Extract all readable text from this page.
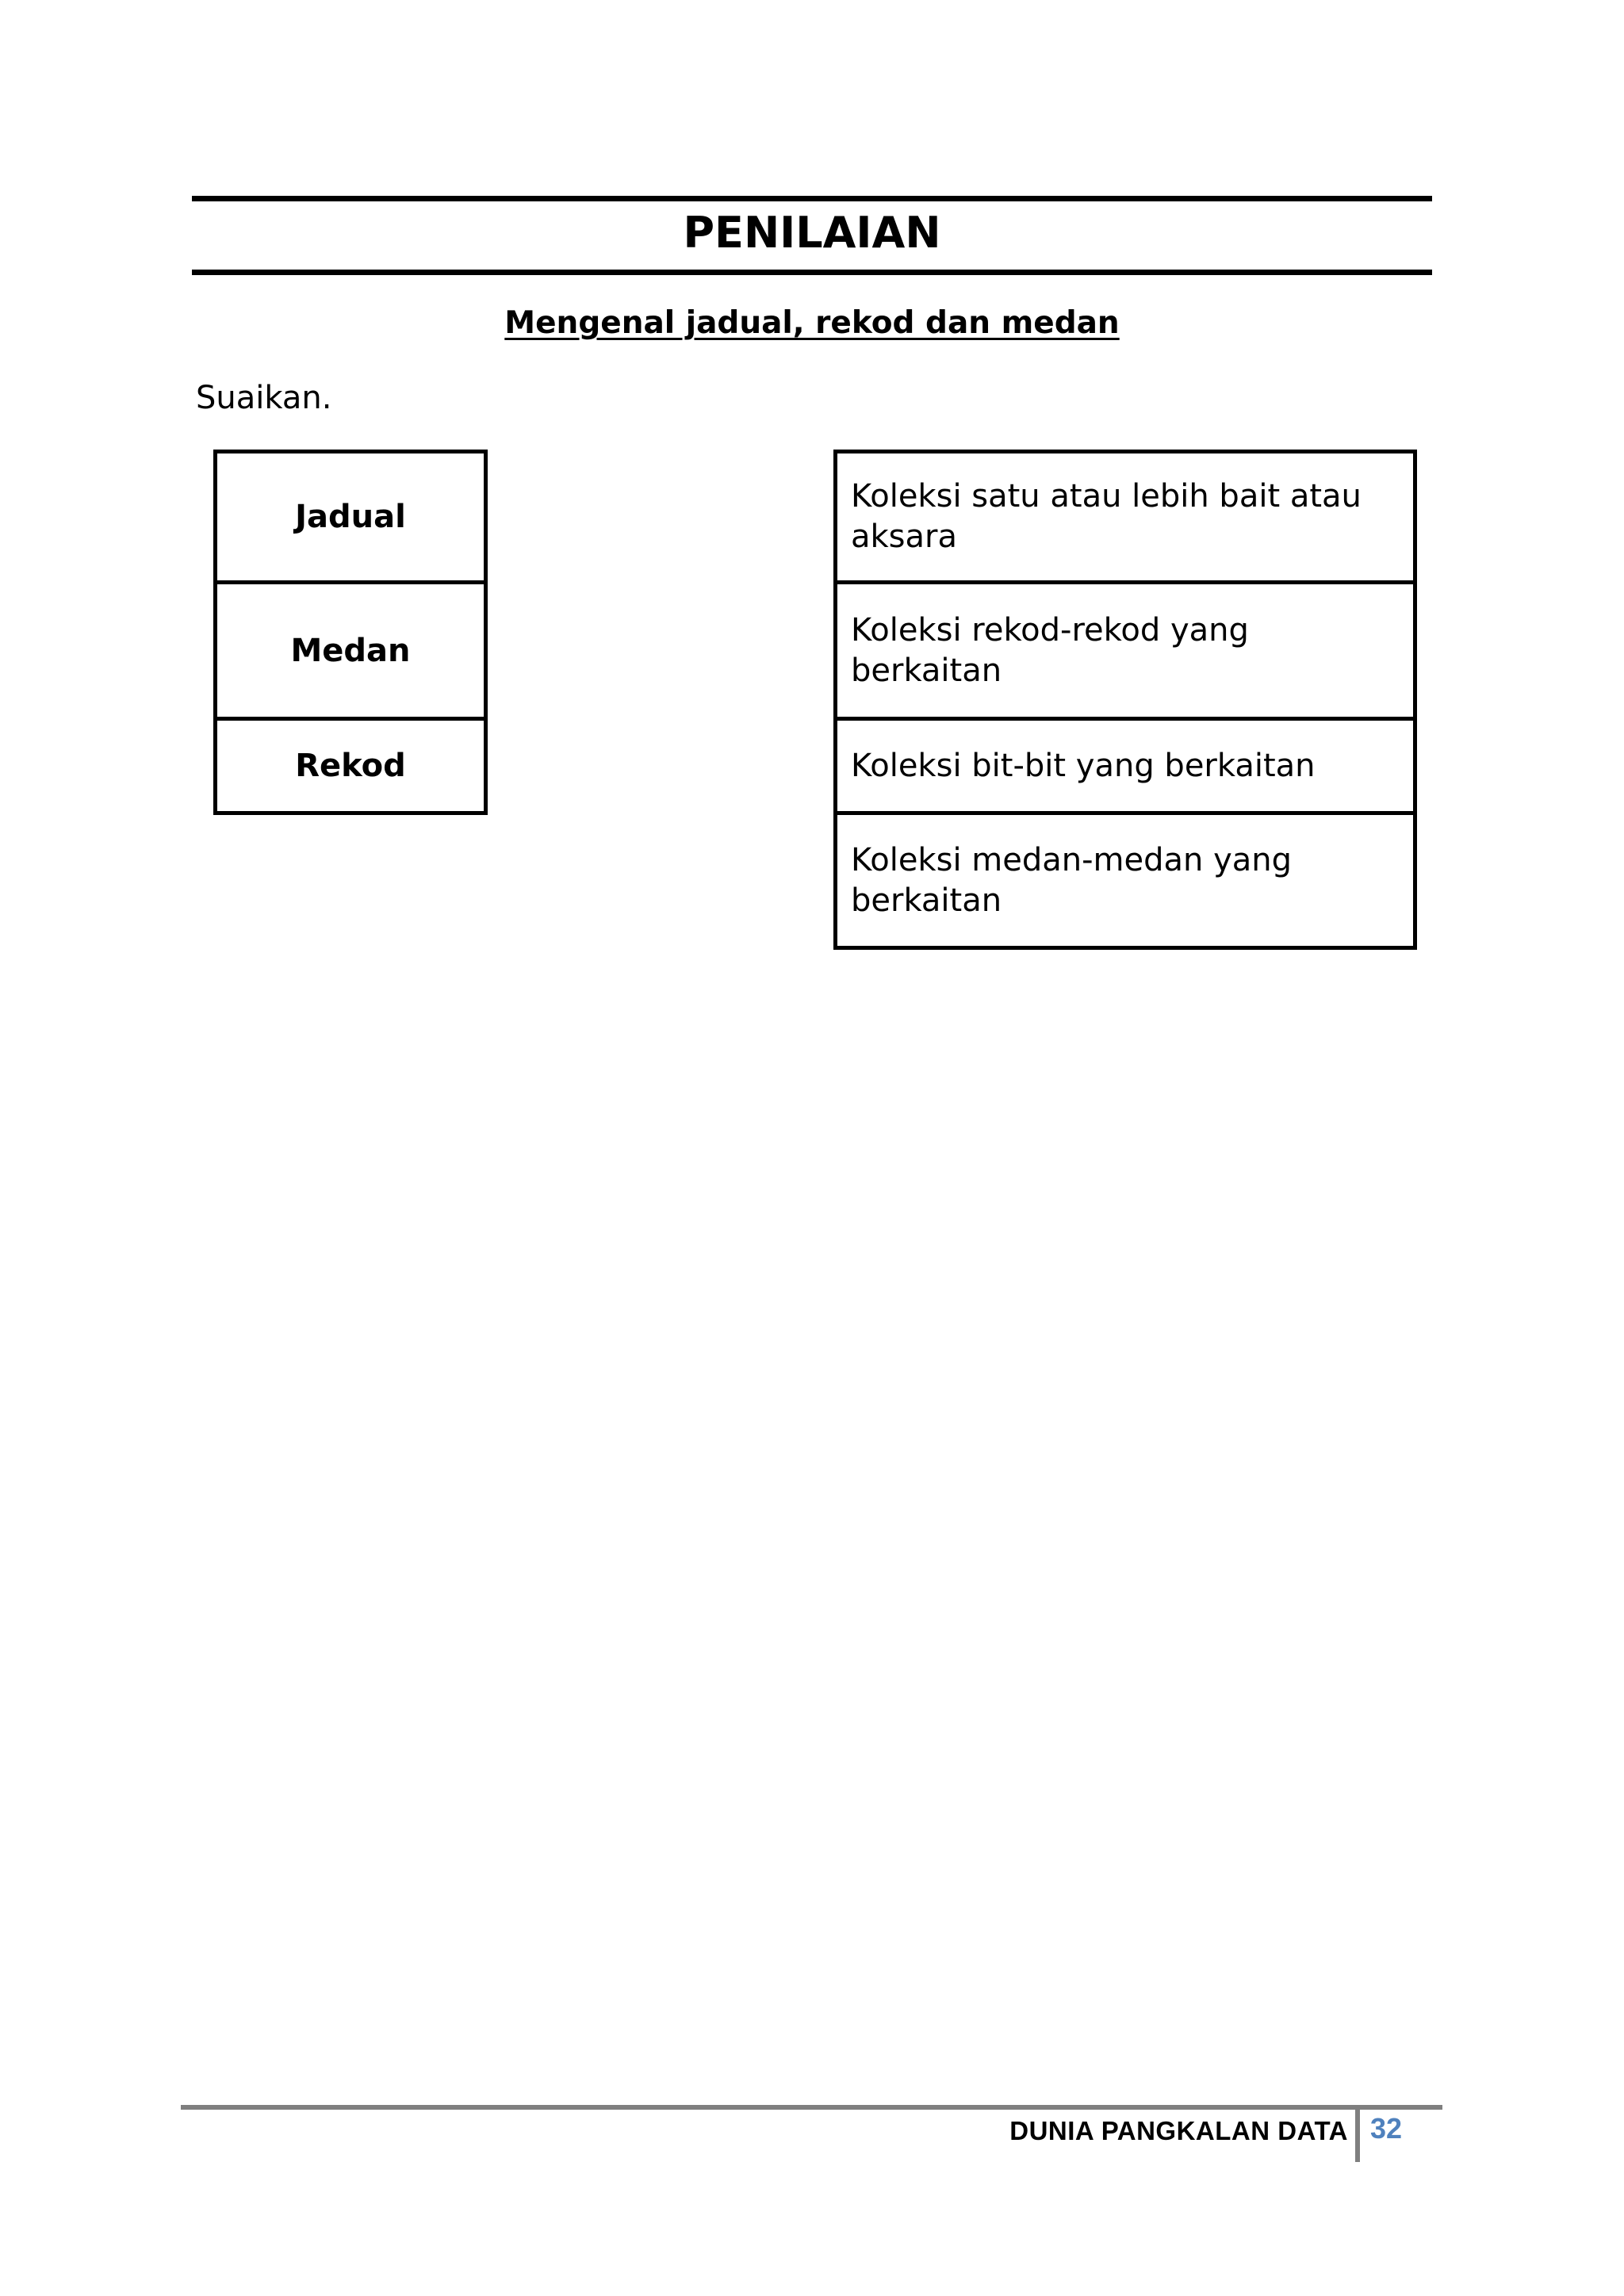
PENILAIAN
Mengenal jadual, rekod dan medan
Suaikan.
Jadual
Medan
Rekod
Koleksi satu atau lebih bait atau aksara
Koleksi rekod-rekod yang berkaitan
Koleksi bit-bit yang berkaitan
Koleksi medan-medan yang berkaitan
DUNIA PANGKALAN DATA 32
